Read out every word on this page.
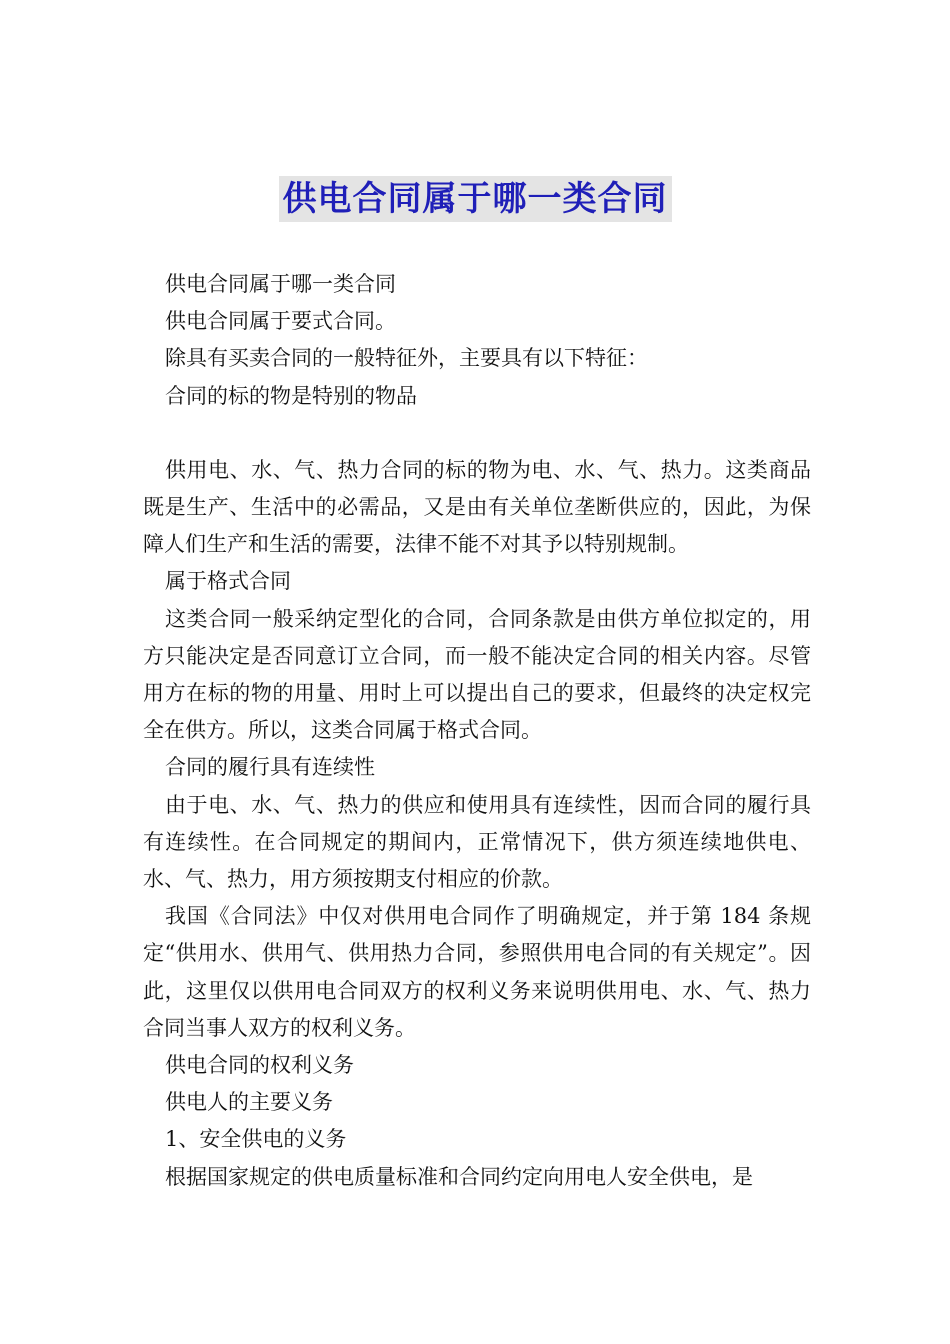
供电合同属于哪一类合同

供电合同属于哪一类合同

供电合同属于要式合同。

除具有买卖合同的一般特征外，主要具有以下特征：

合同的标的物是特别的物品

供用电、水、气、热力合同的标的物为电、水、气、热力。这类商品既是生产、生活中的必需品，又是由有关单位垄断供应的，因此，为保障人们生产和生活的需要，法律不能不对其予以特别规制。

属于格式合同

这类合同一般采纳定型化的合同，合同条款是由供方单位拟定的，用方只能决定是否同意订立合同，而一般不能决定合同的相关内容。尽管用方在标的物的用量、用时上可以提出自己的要求，但最终的决定权完全在供方。所以，这类合同属于格式合同。

合同的履行具有连续性

由于电、水、气、热力的供应和使用具有连续性，因而合同的履行具有连续性。在合同规定的期间内，正常情况下，供方须连续地供电、水、气、热力，用方须按期支付相应的价款。

我国《合同法》中仅对供用电合同作了明确规定，并于第 184 条规定“供用水、供用气、供用热力合同，参照供用电合同的有关规定”。因此，这里仅以供用电合同双方的权利义务来说明供用电、水、气、热力合同当事人双方的权利义务。

供电合同的权利义务

供电人的主要义务

1、安全供电的义务

根据国家规定的供电质量标准和合同约定向用电人安全供电，是
